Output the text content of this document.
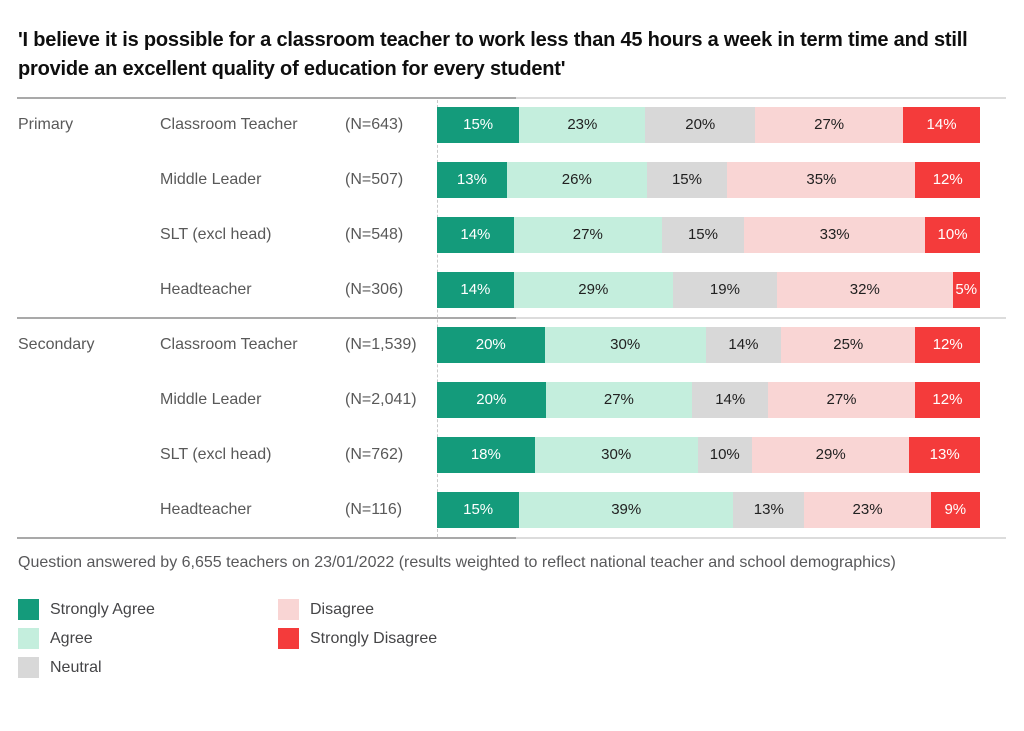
'I believe it is possible for a classroom teacher to work less than 45 hours a week in term time and still provide an excellent quality of education for every student'
Primary	Classroom Teacher	(N=643)	15%	23%	20%	27%	14%
Middle Leader	(N=507)	13%	26%	15%	35%	12%
SLT (excl head)	(N=548)	14%	27%	15%	33%	10%
Headteacher	(N=306)	14%	29%	19%	32%	5%
Secondary	Classroom Teacher	(N=1,539)	20%	30%	14%	25%	12%
Middle Leader	(N=2,041)	20%	27%	14%	27%	12%
SLT (excl head)	(N=762)	18%	30%	10%	29%	13%
Headteacher	(N=116)	15%	39%	13%	23%	9%
Question answered by 6,655 teachers on 23/01/2022 (results weighted to reflect national teacher and school demographics)
Strongly Agree
Agree
Neutral
Disagree
Strongly Disagree
